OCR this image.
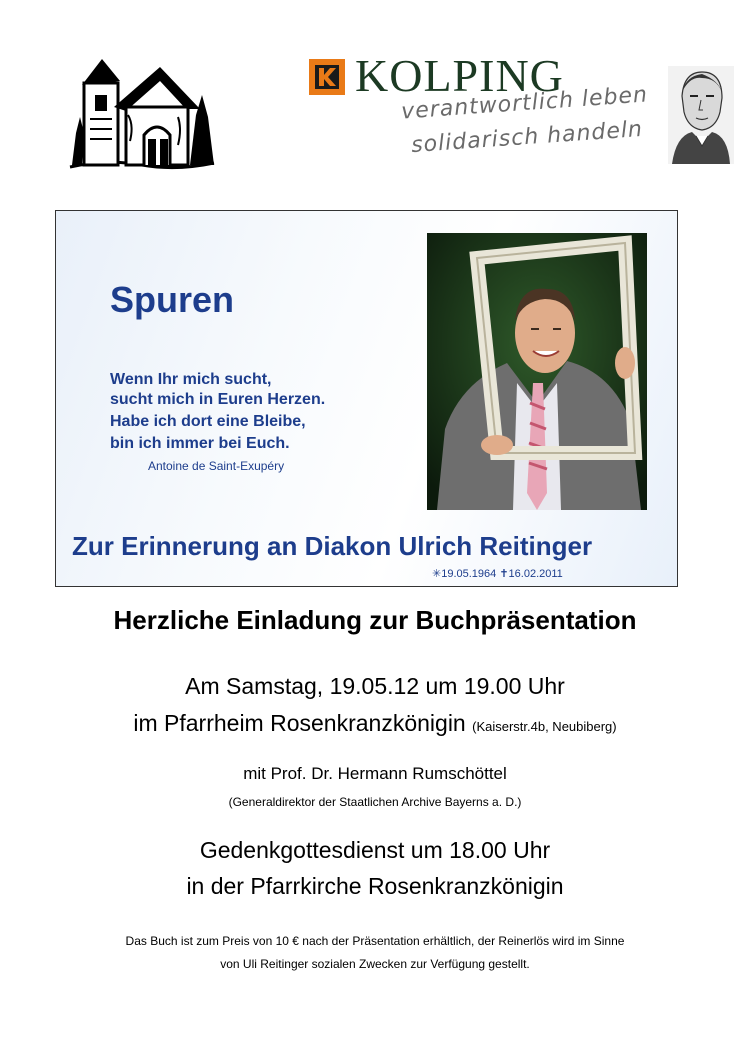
KOLPING
verantwortlich leben
solidarisch handeln
Spuren
Wenn Ihr mich sucht,
sucht mich in Euren Herzen.
Habe ich dort eine Bleibe,
bin ich immer bei Euch.
Antoine de Saint-Exupéry
Zur Erinnerung an Diakon Ulrich Reitinger
✳19.05.1964 ✝16.02.2011
Herzliche Einladung zur Buchpräsentation
Am Samstag, 19.05.12 um 19.00 Uhr
im Pfarrheim Rosenkranzkönigin (Kaiserstr.4b, Neubiberg)
mit Prof. Dr. Hermann Rumschöttel
(Generaldirektor der Staatlichen Archive Bayerns a. D.)
Gedenkgottesdienst um 18.00 Uhr
in der Pfarrkirche Rosenkranzkönigin
Das Buch ist zum Preis von 10 € nach der Präsentation erhältlich, der Reinerlös wird im Sinne
von Uli Reitinger sozialen Zwecken zur Verfügung gestellt.
